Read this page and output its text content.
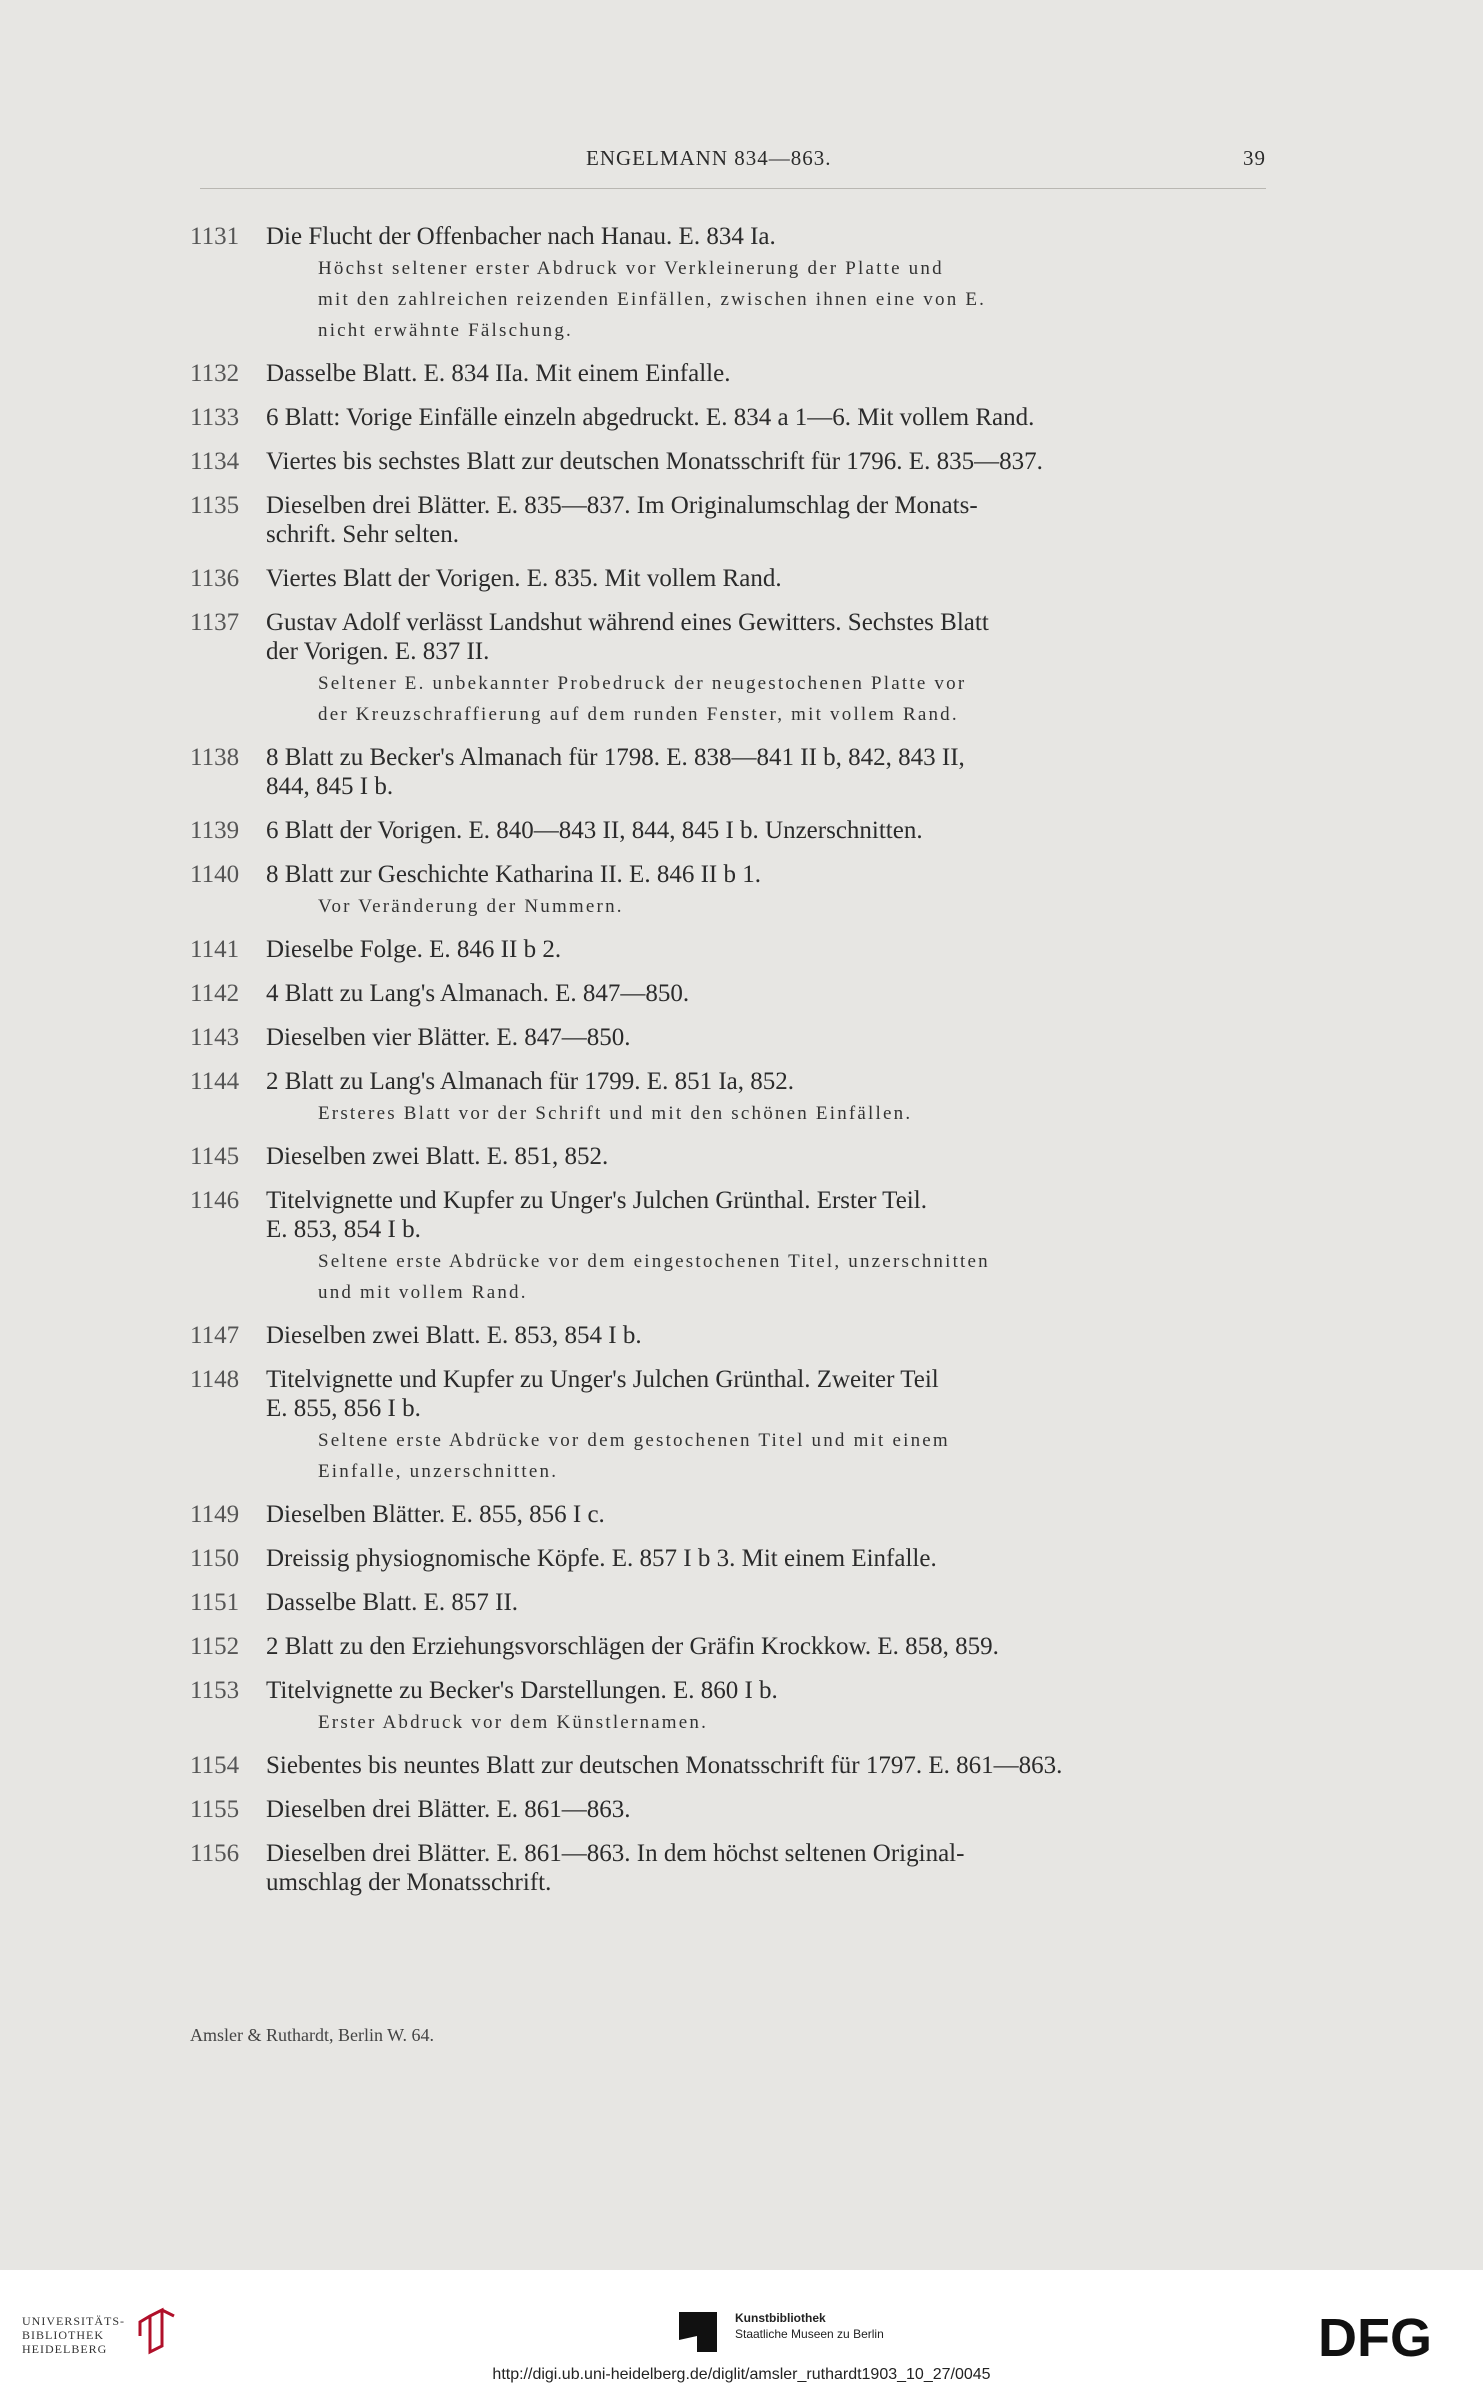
ENGELMANN 834—863.	39
1131	Die Flucht der Offenbacher nach Hanau. E. 834 Ia.
Höchst seltener erster Abdruck vor Verkleinerung der Platte und
mit den zahlreichen reizenden Einfällen, zwischen ihnen eine von E.
nicht erwähnte Fälschung.
1132	Dasselbe Blatt. E. 834 IIa. Mit einem Einfalle.
1133	6 Blatt: Vorige Einfälle einzeln abgedruckt. E. 834 a 1—6. Mit vollem Rand.
1134	Viertes bis sechstes Blatt zur deutschen Monatsschrift für 1796. E. 835—837.
1135	Dieselben drei Blätter. E. 835—837. Im Originalumschlag der Monats-
schrift. Sehr selten.
1136	Viertes Blatt der Vorigen. E. 835. Mit vollem Rand.
1137	Gustav Adolf verlässt Landshut während eines Gewitters. Sechstes Blatt
der Vorigen. E. 837 II.
Seltener E. unbekannter Probedruck der neugestochenen Platte vor
der Kreuzschraffierung auf dem runden Fenster, mit vollem Rand.
1138	8 Blatt zu Becker's Almanach für 1798. E. 838—841 II b, 842, 843 II,
844, 845 I b.
1139	6 Blatt der Vorigen. E. 840—843 II, 844, 845 I b. Unzerschnitten.
1140	8 Blatt zur Geschichte Katharina II. E. 846 II b 1.
Vor Veränderung der Nummern.
1141	Dieselbe Folge. E. 846 II b 2.
1142	4 Blatt zu Lang's Almanach. E. 847—850.
1143	Dieselben vier Blätter. E. 847—850.
1144	2 Blatt zu Lang's Almanach für 1799. E. 851 Ia, 852.
Ersteres Blatt vor der Schrift und mit den schönen Einfällen.
1145	Dieselben zwei Blatt. E. 851, 852.
1146	Titelvignette und Kupfer zu Unger's Julchen Grünthal. Erster Teil.
E. 853, 854 I b.
Seltene erste Abdrücke vor dem eingestochenen Titel, unzerschnitten
und mit vollem Rand.
1147	Dieselben zwei Blatt. E. 853, 854 I b.
1148	Titelvignette und Kupfer zu Unger's Julchen Grünthal. Zweiter Teil
E. 855, 856 I b.
Seltene erste Abdrücke vor dem gestochenen Titel und mit einem
Einfalle, unzerschnitten.
1149	Dieselben Blätter. E. 855, 856 I c.
1150	Dreissig physiognomische Köpfe. E. 857 I b 3. Mit einem Einfalle.
1151	Dasselbe Blatt. E. 857 II.
1152	2 Blatt zu den Erziehungsvorschlägen der Gräfin Krockkow. E. 858, 859.
1153	Titelvignette zu Becker's Darstellungen. E. 860 I b.
Erster Abdruck vor dem Künstlernamen.
1154	Siebentes bis neuntes Blatt zur deutschen Monatsschrift für 1797. E. 861—863.
1155	Dieselben drei Blätter. E. 861—863.
1156	Dieselben drei Blätter. E. 861—863. In dem höchst seltenen Original-
umschlag der Monatsschrift.
Amsler & Ruthardt, Berlin W. 64.
UNIVERSITÄTS-
BIBLIOTHEK
HEIDELBERG
Kunstbibliothek
Staatliche Museen zu Berlin	DFG
http://digi.ub.uni-heidelberg.de/diglit/amsler_ruthardt1903_10_27/0045
